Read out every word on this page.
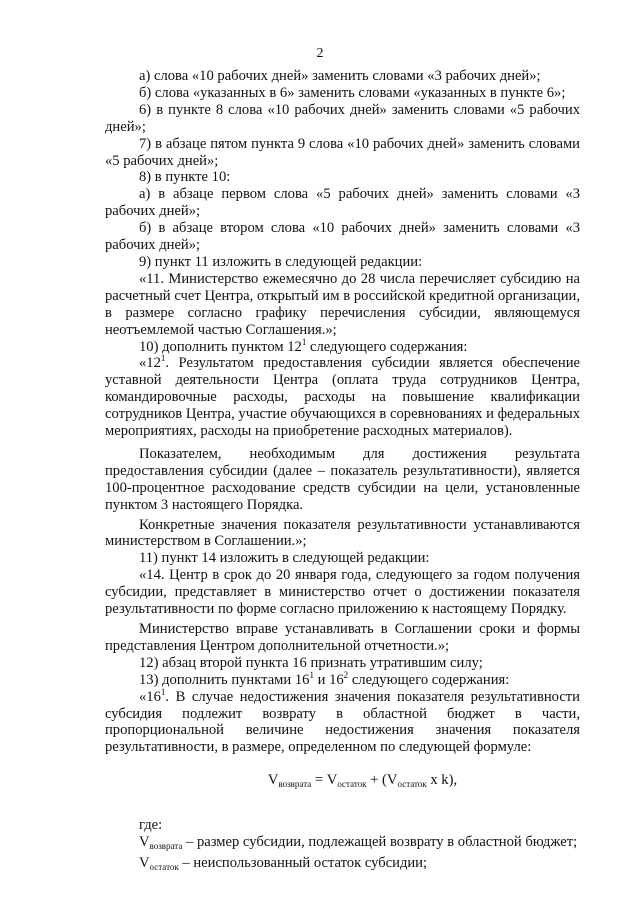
2

а) слова «10 рабочих дней» заменить словами «3 рабочих дней»;

б) слова «указанных в 6» заменить словами «указанных в пункте 6»;

6) в пункте 8 слова «10 рабочих дней» заменить словами «5 рабочих дней»;

7) в абзаце пятом пункта 9 слова «10 рабочих дней» заменить словами «5 рабочих дней»;

8) в пункте 10:

а) в абзаце первом слова «5 рабочих дней» заменить словами «3 рабочих дней»;

б) в абзаце втором слова «10 рабочих дней» заменить словами «3 рабочих дней»;

9) пункт 11 изложить в следующей редакции:

«11. Министерство ежемесячно до 28 числа перечисляет субсидию на расчетный счет Центра, открытый им в российской кредитной организации, в размере согласно графику перечисления субсидии, являющемуся неотъемлемой частью Соглашения.»;

10) дополнить пунктом $12^1$ следующего содержания:

«$12^1$. Результатом предоставления субсидии является обеспечение уставной деятельности Центра (оплата труда сотрудников Центра, командировочные расходы, расходы на повышение квалификации сотрудников Центра, участие обучающихся в соревнованиях и федеральных мероприятиях, расходы на приобретение расходных материалов).

Показателем, необходимым для достижения результата предоставления субсидии (далее – показатель результативности), является 100-процентное расходование средств субсидии на цели, установленные пунктом 3 настоящего Порядка.

Конкретные значения показателя результативности устанавливаются министерством в Соглашении.»;

11) пункт 14 изложить в следующей редакции:

«14. Центр в срок до 20 января года, следующего за годом получения субсидии, представляет в министерство отчет о достижении показателя результативности по форме согласно приложению к настоящему Порядку.

Министерство вправе устанавливать в Соглашении сроки и формы представления Центром дополнительной отчетности.»;

12) абзац второй пункта 16 признать утратившим силу;

13) дополнить пунктами $16^1$ и $16^2$ следующего содержания:

«$16^1$. В случае недостижения значения показателя результативности субсидия подлежит возврату в областной бюджет в части, пропорциональной величине недостижения значения показателя результативности, в размере, определенном по следующей формуле:

$V_{возврата} = V_{остаток} + (V_{остаток}$ x k),

где:

$V_{возврата}$ – размер субсидии, подлежащей возврату в областной бюджет;

$V_{остаток}$ – неиспользованный остаток субсидии;
